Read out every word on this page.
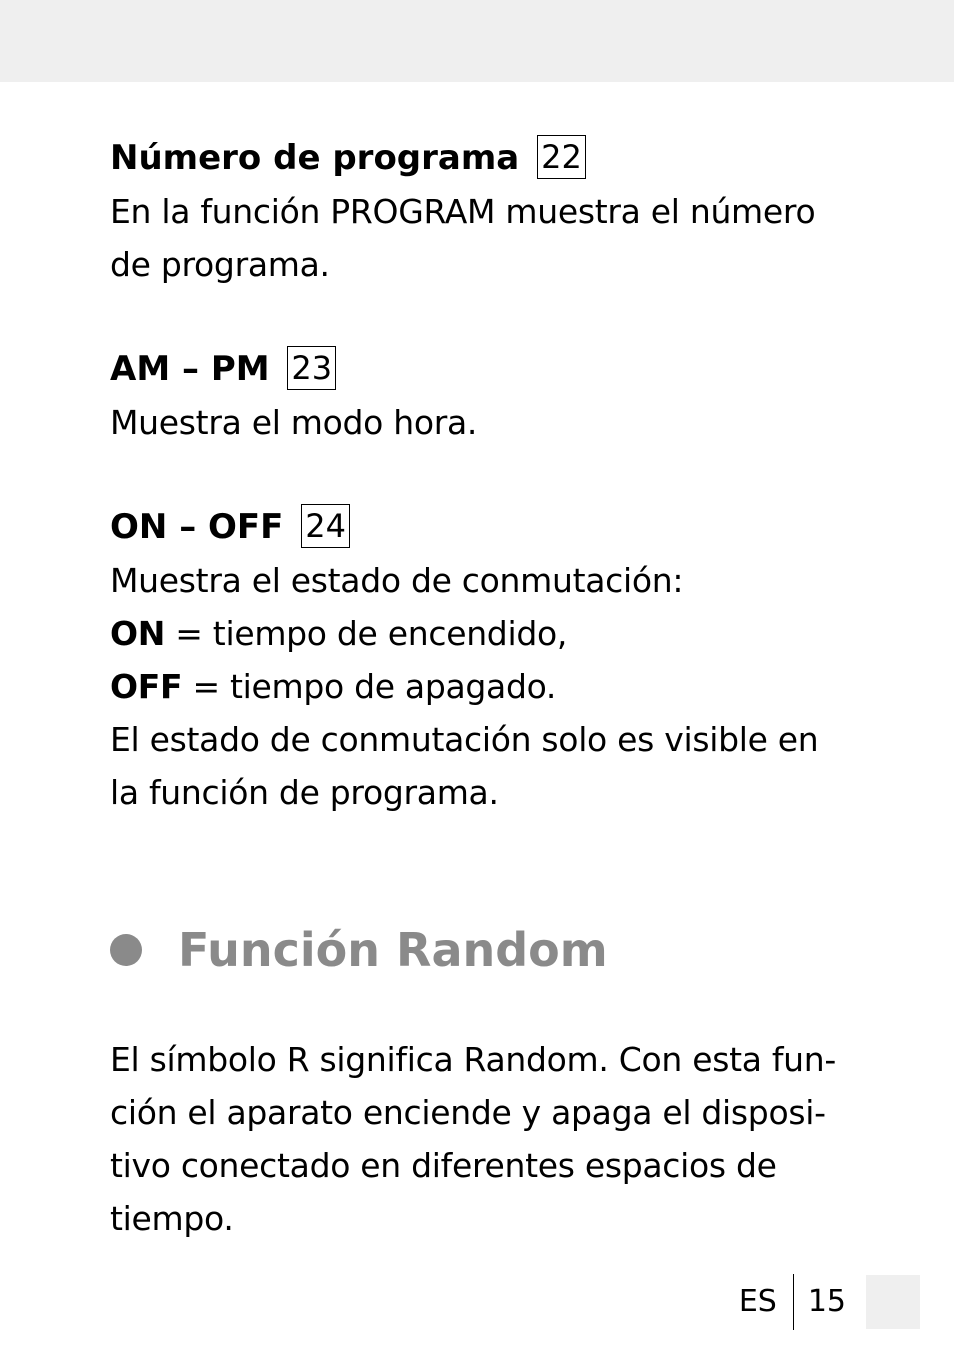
Número de programa 22

En la función PROGRAM muestra el número

de programa.

AM – PM 23

Muestra el modo hora.

ON – OFF 24

Muestra el estado de conmutación:

ON = tiempo de encendido,

OFF = tiempo de apagado.

El estado de conmutación solo es visible en

la función de programa.

Función Random

El símbolo R significa Random. Con esta fun-

ción el aparato enciende y apaga el disposi-

tivo conectado en diferentes espacios de

tiempo.

ES	15
